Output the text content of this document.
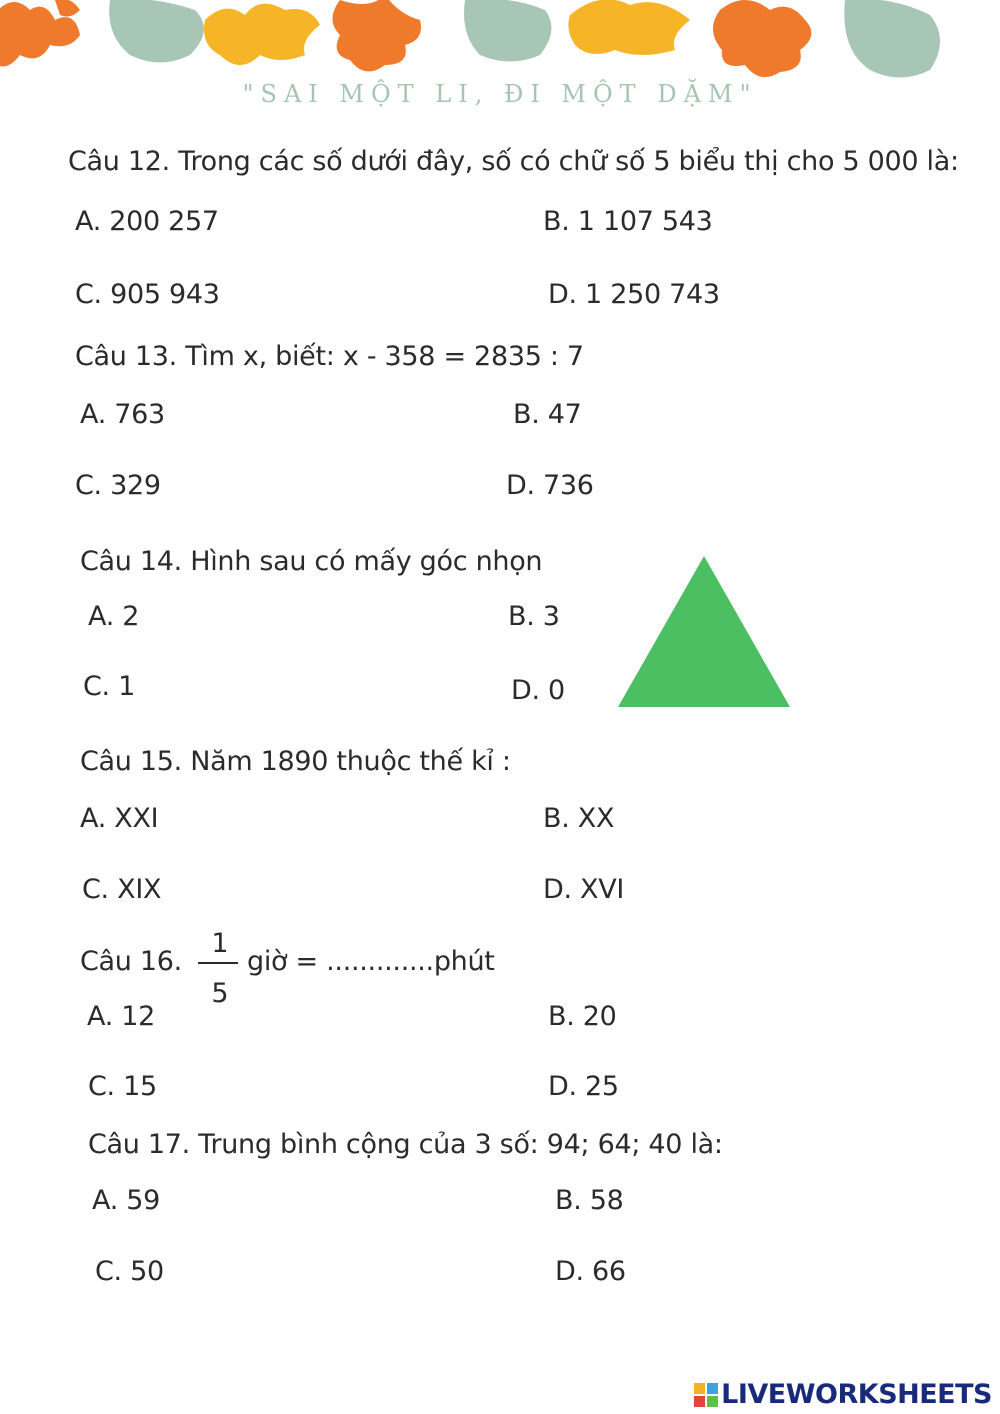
"SAI MỘT LI, ĐI MỘT DẶM"
Câu 12. Trong các số dưới đây, số có chữ số 5 biểu thị cho 5 000 là:
A. 200 257	B. 1 107 543
C. 905 943	D. 1 250 743
Câu 13. Tìm x, biết: x - 358 = 2835 : 7
A. 763	B. 47
C. 329	D. 736
Câu 14. Hình sau có mấy góc nhọn
A. 2	B. 3
C. 1	D. 0
Câu 15. Năm 1890 thuộc thế kỉ :
A. XXI	B. XX
C. XIX	D. XVI
Câu 16.
1
5
giờ = .............phút
A. 12	B. 20
C. 15	D. 25
Câu 17. Trung bình cộng của 3 số: 94; 64; 40 là:
A. 59	B. 58
C. 50	D. 66
LIVEWORKSHEETS
